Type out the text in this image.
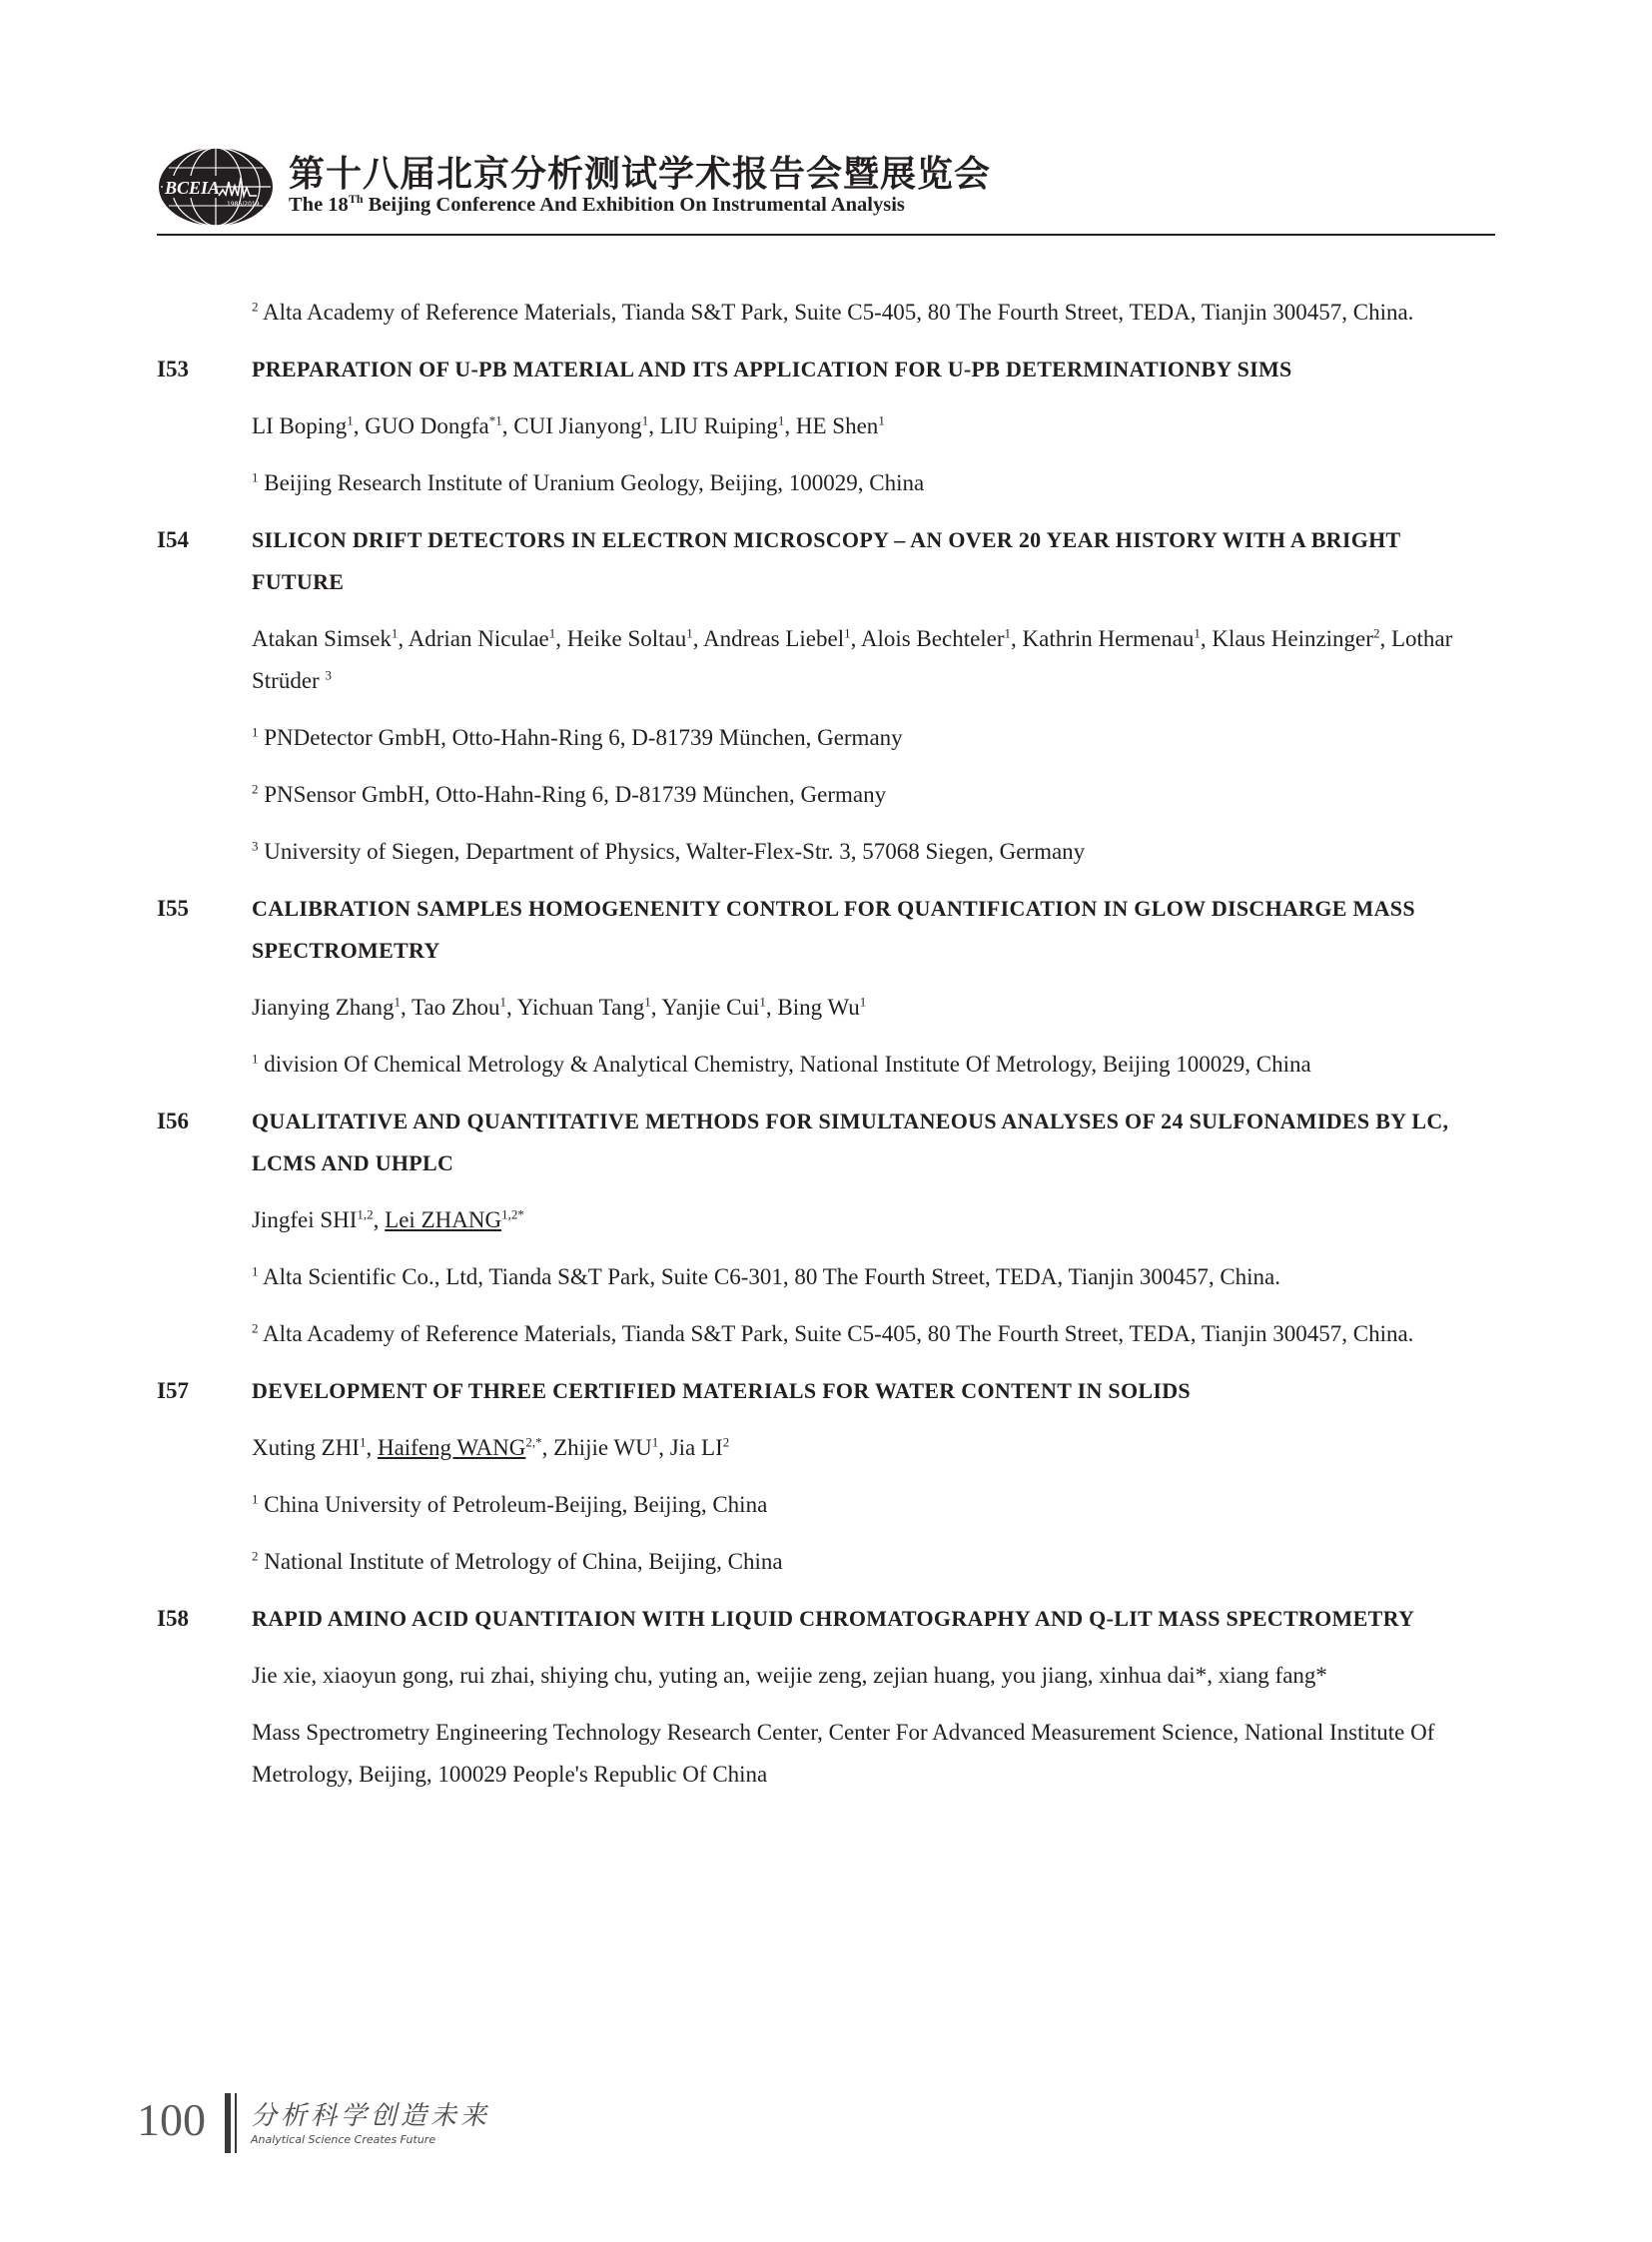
BCEIA
1985/2019
第十八届北京分析测试学术报告会暨展览会
The 18Th Beijing Conference And Exhibition On Instrumental Analysis
$^2$ Alta Academy of Reference Materials, Tianda S&T Park, Suite C5-405, 80 The Fourth Street, TEDA, Tianjin 300457, China.
I53	PREPARATION OF U-PB MATERIAL AND ITS APPLICATION FOR U-PB DETERMINATIONBY SIMS
LI Boping$^1$, GUO Dongfa$^{*1}$, CUI Jianyong$^1$, LIU Ruiping$^1$, HE Shen$^1$
$^1$ Beijing Research Institute of Uranium Geology, Beijing, 100029, China
I54	SILICON DRIFT DETECTORS IN ELECTRON MICROSCOPY – AN OVER 20 YEAR HISTORY WITH A BRIGHT FUTURE
Atakan Simsek$^1$, Adrian Niculae$^1$, Heike Soltau$^1$, Andreas Liebel$^1$, Alois Bechteler$^1$, Kathrin Hermenau$^1$, Klaus Heinzinger$^2$, Lothar Strüder $^3$
$^1$ PNDetector GmbH, Otto-Hahn-Ring 6, D-81739 München, Germany
$^2$ PNSensor GmbH, Otto-Hahn-Ring 6, D-81739 München, Germany
$^3$ University of Siegen, Department of Physics, Walter-Flex-Str. 3, 57068 Siegen, Germany
I55	CALIBRATION SAMPLES HOMOGENENITY CONTROL FOR QUANTIFICATION IN GLOW DISCHARGE MASS SPECTROMETRY
Jianying Zhang$^1$, Tao Zhou$^1$, Yichuan Tang$^1$, Yanjie Cui$^1$, Bing Wu$^1$
$^1$ division Of Chemical Metrology & Analytical Chemistry, National Institute Of Metrology, Beijing 100029, China
I56	QUALITATIVE AND QUANTITATIVE METHODS FOR SIMULTANEOUS ANALYSES OF 24 SULFONAMIDES BY LC, LCMS AND UHPLC
Jingfei SHI$^{1,2}$, Lei $ZHANG^{1,2*}$
$^1$ Alta Scientific Co., Ltd, Tianda S&T Park, Suite C6-301, 80 The Fourth Street, TEDA, Tianjin 300457, China.
$^2$ Alta Academy of Reference Materials, Tianda S&T Park, Suite C5-405, 80 The Fourth Street, TEDA, Tianjin 300457, China.
I57	DEVELOPMENT OF THREE CERTIFIED MATERIALS FOR WATER CONTENT IN SOLIDS
Xuting ZHI$^1$, Haifeng $WANG^{2,*}$, Zhijie $WU^1$, Jia $LI^2$
$^1$ China University of Petroleum-Beijing, Beijing, China
$^2$ National Institute of Metrology of China, Beijing, China
I58	RAPID AMINO ACID QUANTITAION WITH LIQUID CHROMATOGRAPHY AND Q-LIT MASS SPECTROMETRY
Jie xie, xiaoyun gong, rui zhai, shiying chu, yuting an, weijie zeng, zejian huang, you jiang, xinhua dai*, xiang fang*
Mass Spectrometry Engineering Technology Research Center, Center For Advanced Measurement Science, National Institute Of Metrology, Beijing, 100029 People's Republic Of China
100 分析科学创造未来
Analytical Science Creates Future
